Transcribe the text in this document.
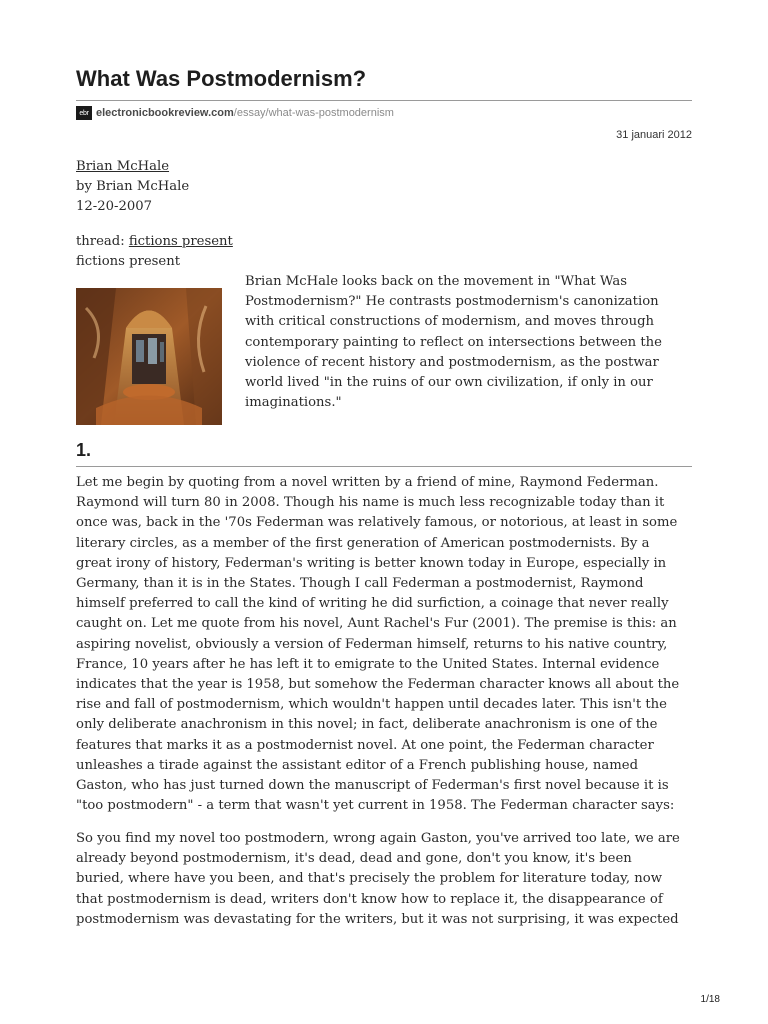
What Was Postmodernism?
ebr electronicbookreview.com /essay/what-was-postmodernism
31 januari 2012
Brian McHale
by Brian McHale
12-20-2007
thread: fictions present
fictions present
Brian McHale looks back on the movement in "What Was
Postmodernism?" He contrasts postmodernism's canonization
with critical constructions of modernism, and moves through
contemporary painting to reflect on intersections between the
violence of recent history and postmodernism, as the postwar
world lived "in the ruins of our own civilization, if only in our
imaginations."
1.
Let me begin by quoting from a novel written by a friend of mine, Raymond Federman.
Raymond will turn 80 in 2008. Though his name is much less recognizable today than it
once was, back in the '70s Federman was relatively famous, or notorious, at least in some
literary circles, as a member of the first generation of American postmodernists. By a
great irony of history, Federman's writing is better known today in Europe, especially in
Germany, than it is in the States. Though I call Federman a postmodernist, Raymond
himself preferred to call the kind of writing he did surfiction, a coinage that never really
caught on. Let me quote from his novel, Aunt Rachel's Fur (2001). The premise is this: an
aspiring novelist, obviously a version of Federman himself, returns to his native country,
France, 10 years after he has left it to emigrate to the United States. Internal evidence
indicates that the year is 1958, but somehow the Federman character knows all about the
rise and fall of postmodernism, which wouldn't happen until decades later. This isn't the
only deliberate anachronism in this novel; in fact, deliberate anachronism is one of the
features that marks it as a postmodernist novel. At one point, the Federman character
unleashes a tirade against the assistant editor of a French publishing house, named
Gaston, who has just turned down the manuscript of Federman's first novel because it is
"too postmodern" - a term that wasn't yet current in 1958. The Federman character says:
So you find my novel too postmodern, wrong again Gaston, you've arrived too late, we are
already beyond postmodernism, it's dead, dead and gone, don't you know, it's been
buried, where have you been, and that's precisely the problem for literature today, now
that postmodernism is dead, writers don't know how to replace it, the disappearance of
postmodernism was devastating for the writers, but it was not surprising, it was expected
1/18
